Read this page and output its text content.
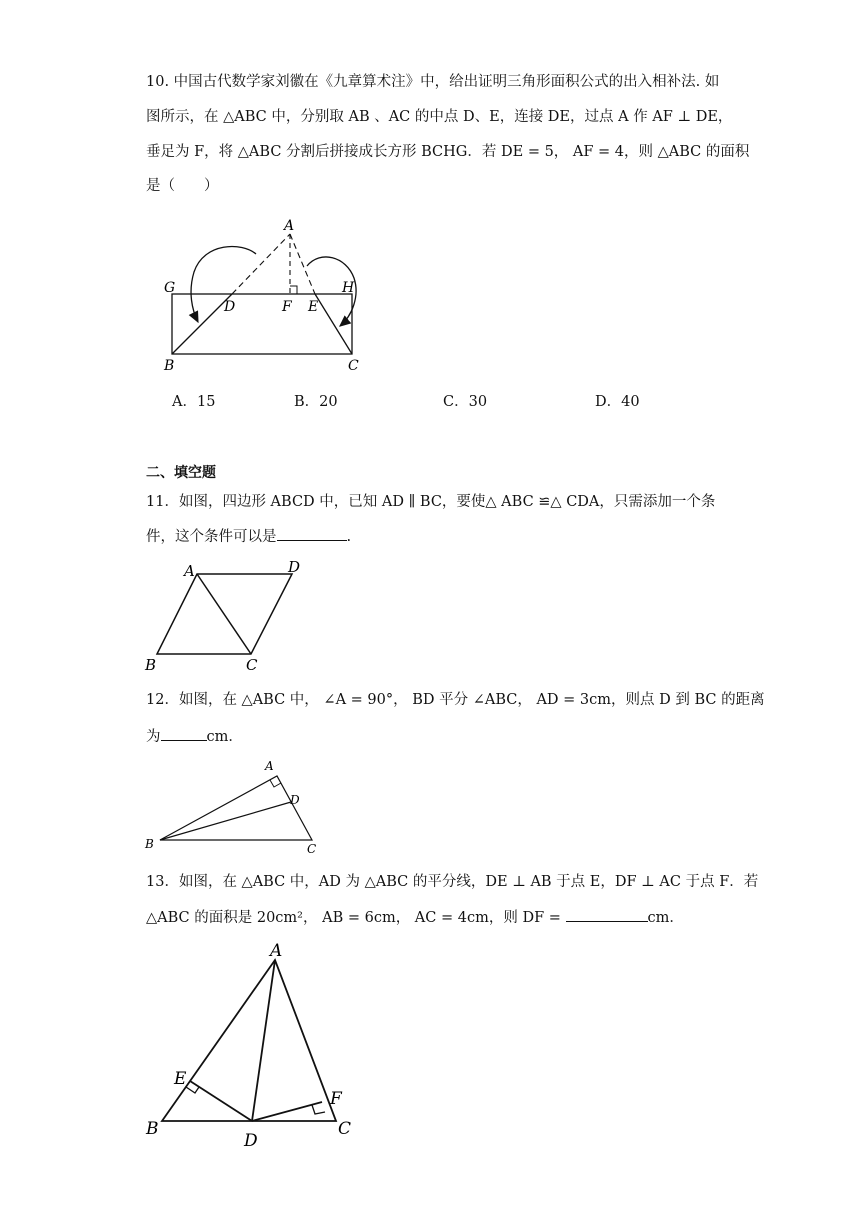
10. 中国古代数学家刘徽在《九章算术注》中，给出证明三角形面积公式的出入相补法. 如
图所示，在 △ABC 中，分别取 AB 、AC 的中点 D、E，连接 DE，过点 A 作 AF ⊥ DE，
垂足为 F，将 △ABC 分割后拼接成长方形 BCHG．若 DE = 5， AF = 4，则 △ABC 的面积
是（　　）
A
G
D	F E
H
B	C
A．15	B．20	C．30	D．40
二、填空题
11．如图，四边形 ABCD 中，已知 AD ∥ BC，要使△ ABC ≌△ CDA，只需添加一个条
件，这个条件可以是	.
A	D
B	C
12．如图，在 △ABC 中， ∠A = 90°， BD 平分 ∠ABC， AD = 3cm，则点 D 到 BC 的距离
为	cm．
A
D
B	C
13．如图，在 △ABC 中，AD 为 △ABC 的平分线，DE ⊥ AB 于点 E，DF ⊥ AC 于点 F．若
△ABC 的面积是 20cm²， AB = 6cm， AC = 4cm，则 DF =	cm．
A
E
F
B
D
C
